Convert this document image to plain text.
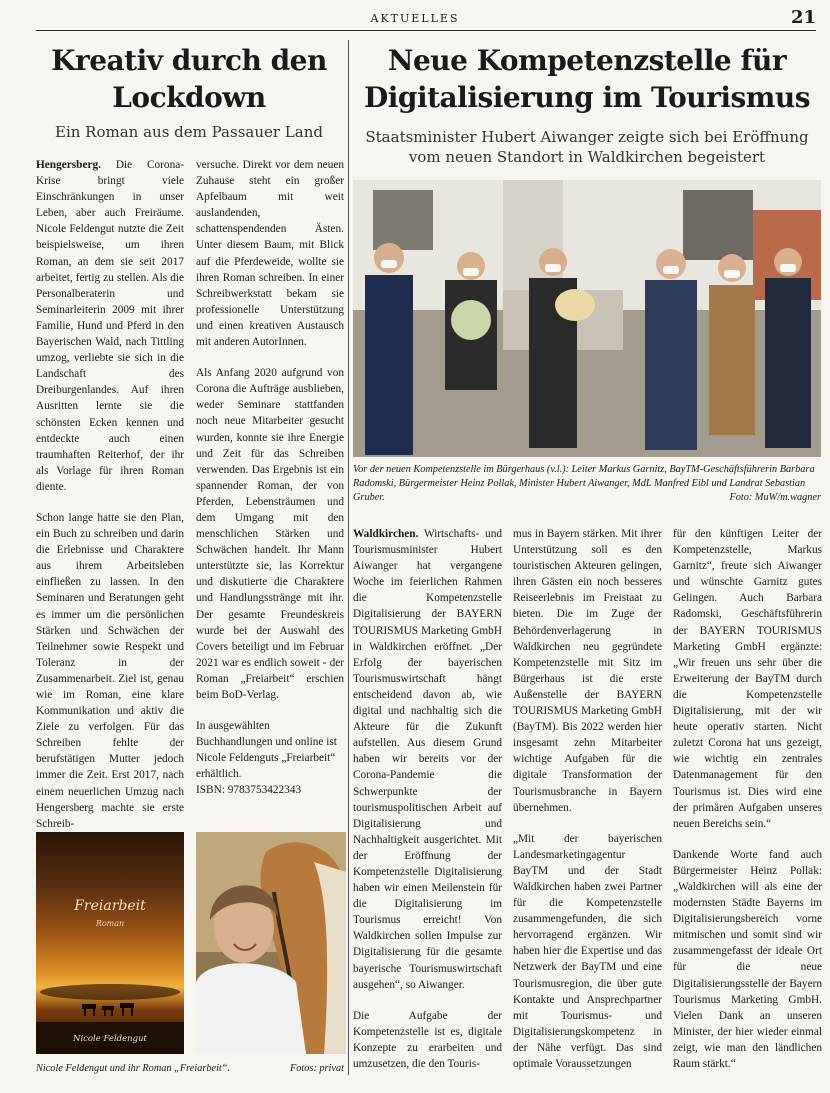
AKTUELLES	21
Kreativ durch den Lockdown
Ein Roman aus dem Passauer Land

Hengersberg. Die Corona-Krise bringt viele Einschränkungen in unser Leben, aber auch Freiräume. Nicole Feldengut nutzte die Zeit beispielsweise, um ihren Roman, an dem sie seit 2017 arbeitet, fertig zu stellen. Als die Personalberaterin und Seminarleiterin 2009 mit ihrer Familie, Hund und Pferd in den Bayerischen Wald, nach Tittling umzog, verliebte sie sich in die Landschaft des Dreiburgenlandes. Auf ihren Ausritten lernte sie die schönsten Ecken kennen und entdeckte auch einen traumhaften Reiterhof, der ihr als Vorlage für ihren Roman diente.

Schon lange hatte sie den Plan, ein Buch zu schreiben und darin die Erlebnisse und Charaktere aus ihrem Arbeitsleben einfließen zu lassen. In den Seminaren und Beratungen geht es immer um die persönlichen Stärken und Schwächen der Teilnehmer sowie Respekt und Toleranz in der Zusammenarbeit. Ziel ist, genau wie im Roman, eine klare Kommunikation und aktiv die Ziele zu verfolgen. Für das Schreiben fehlte der berufstätigen Mutter jedoch immer die Zeit. Erst 2017, nach einem neuerlichen Umzug nach Hengersberg machte sie erste Schreib-

versuche. Direkt vor dem neuen Zuhause steht ein großer Apfelbaum mit weit auslandenden, schattenspendenden Ästen. Unter diesem Baum, mit Blick auf die Pferdeweide, wollte sie ihren Roman schreiben. In einer Schreibwerkstatt bekam sie professionelle Unterstützung und einen kreativen Austausch mit anderen AutorInnen.

Als Anfang 2020 aufgrund von Corona die Aufträge ausblieben, weder Seminare stattfanden noch neue Mitarbeiter gesucht wurden, konnte sie ihre Energie und Zeit für das Schreiben verwenden. Das Ergebnis ist ein spannender Roman, der von Pferden, Lebensträumen und dem Umgang mit den menschlichen Stärken und Schwächen handelt. Ihr Mann unterstützte sie, las Korrektur und diskutierte die Charaktere und Handlungsstränge mit ihr. Der gesamte Freundeskreis wurde bei der Auswahl des Covers beteiligt und im Februar 2021 war es endlich soweit - der Roman „Freiarbeit“ erschien beim BoD-Verlag.

In ausgewählten Buchhandlungen und online ist Nicole Feldenguts „Freiarbeit“ erhältlich.
ISBN: 9783753422343

Freiarbeit
Roman
Nicole Feldengut
Fotos: privat
Nicole Feldengut und ihr Roman „Freiarbeit“.
Neue Kompetenzstelle für Digitalisierung im Tourismus
Staatsminister Hubert Aiwanger zeigte sich bei Eröffnung vom neuen Standort in Waldkirchen begeistert
Vor der neuen Kompetenzstelle im Bürgerhaus (v.l.): Leiter Markus Garnitz, BayTM-Geschäftsführerin Barbara Radomski, Bürgermeister Heinz Pollak, Minister Hubert Aiwanger, MdL Manfred Eibl und Landrat Sebastian Gruber.	Foto: MuW/m.wagner

Waldkirchen. Wirtschafts- und Tourismusminister Hubert Aiwanger hat vergangene Woche im feierlichen Rahmen die Kompetenzstelle Digitalisierung der BAYERN TOURISMUS Marketing GmbH in Waldkirchen eröffnet. „Der Erfolg der bayerischen Tourismuswirtschaft hängt entscheidend davon ab, wie digital und nachhaltig sich die Akteure für die Zukunft aufstellen. Aus diesem Grund haben wir bereits vor der Corona-Pandemie die Schwerpunkte der tourismuspolitischen Arbeit auf Digitalisierung und Nachhaltigkeit ausgerichtet. Mit der Eröffnung der Kompetenzstelle Digitalisierung haben wir einen Meilenstein für die Digitalisierung im Tourismus erreicht! Von Waldkirchen sollen Impulse zur Digitalisierung für die gesamte bayerische Tourismuswirtschaft ausgehen“, so Aiwanger.

Die Aufgabe der Kompetenzstelle ist es, digitale Konzepte zu erarbeiten und umzusetzen, die den Touris-

mus in Bayern stärken. Mit ihrer Unterstützung soll es den touristischen Akteuren gelingen, ihren Gästen ein noch besseres Reiseerlebnis im Freistaat zu bieten. Die im Zuge der Behördenverlagerung in Waldkirchen neu gegründete Kompetenzstelle mit Sitz im Bürgerhaus ist die erste Außenstelle der BAYERN TOURISMUS Marketing GmbH (BayTM). Bis 2022 werden hier insgesamt zehn Mitarbeiter wichtige Aufgaben für die digitale Transformation der Tourismusbranche in Bayern übernehmen.

„Mit der bayerischen Landesmarketingagentur BayTM und der Stadt Waldkirchen haben zwei Partner für die Kompetenzstelle zusammengefunden, die sich hervorragend ergänzen. Wir haben hier die Expertise und das Netzwerk der BayTM und eine Tourismusregion, die über gute Kontakte und Ansprechpartner mit Tourismus- und Digitalisierungskompetenz in der Nähe verfügt. Das sind optimale Voraussetzungen

für den künftigen Leiter der Kompetenzstelle, Markus Garnitz“, freute sich Aiwanger und wünschte Garnitz gutes Gelingen. Auch Barbara Radomski, Geschäftsführerin der BAYERN TOURISMUS Marketing GmbH ergänzte: „Wir freuen uns sehr über die Erweiterung der BayTM durch die Kompetenzstelle Digitalisierung, mit der wir heute operativ starten. Nicht zuletzt Corona hat uns gezeigt, wie wichtig ein zentrales Datenmanagement für den Tourismus ist. Dies wird eine der primären Aufgaben unseres neuen Bereichs sein.“

Dankende Worte fand auch Bürgermeister Heinz Pollak: „Waldkirchen will als eine der modernsten Städte Bayerns im Digitalisierungsbereich vorne mitmischen und somit sind wir zusammengefasst der ideale Ort für die neue Digitalisierungsstelle der Bayern Tourismus Marketing GmbH. Vielen Dank an unseren Minister, der hier wieder einmal zeigt, wie man den ländlichen Raum stärkt.“
